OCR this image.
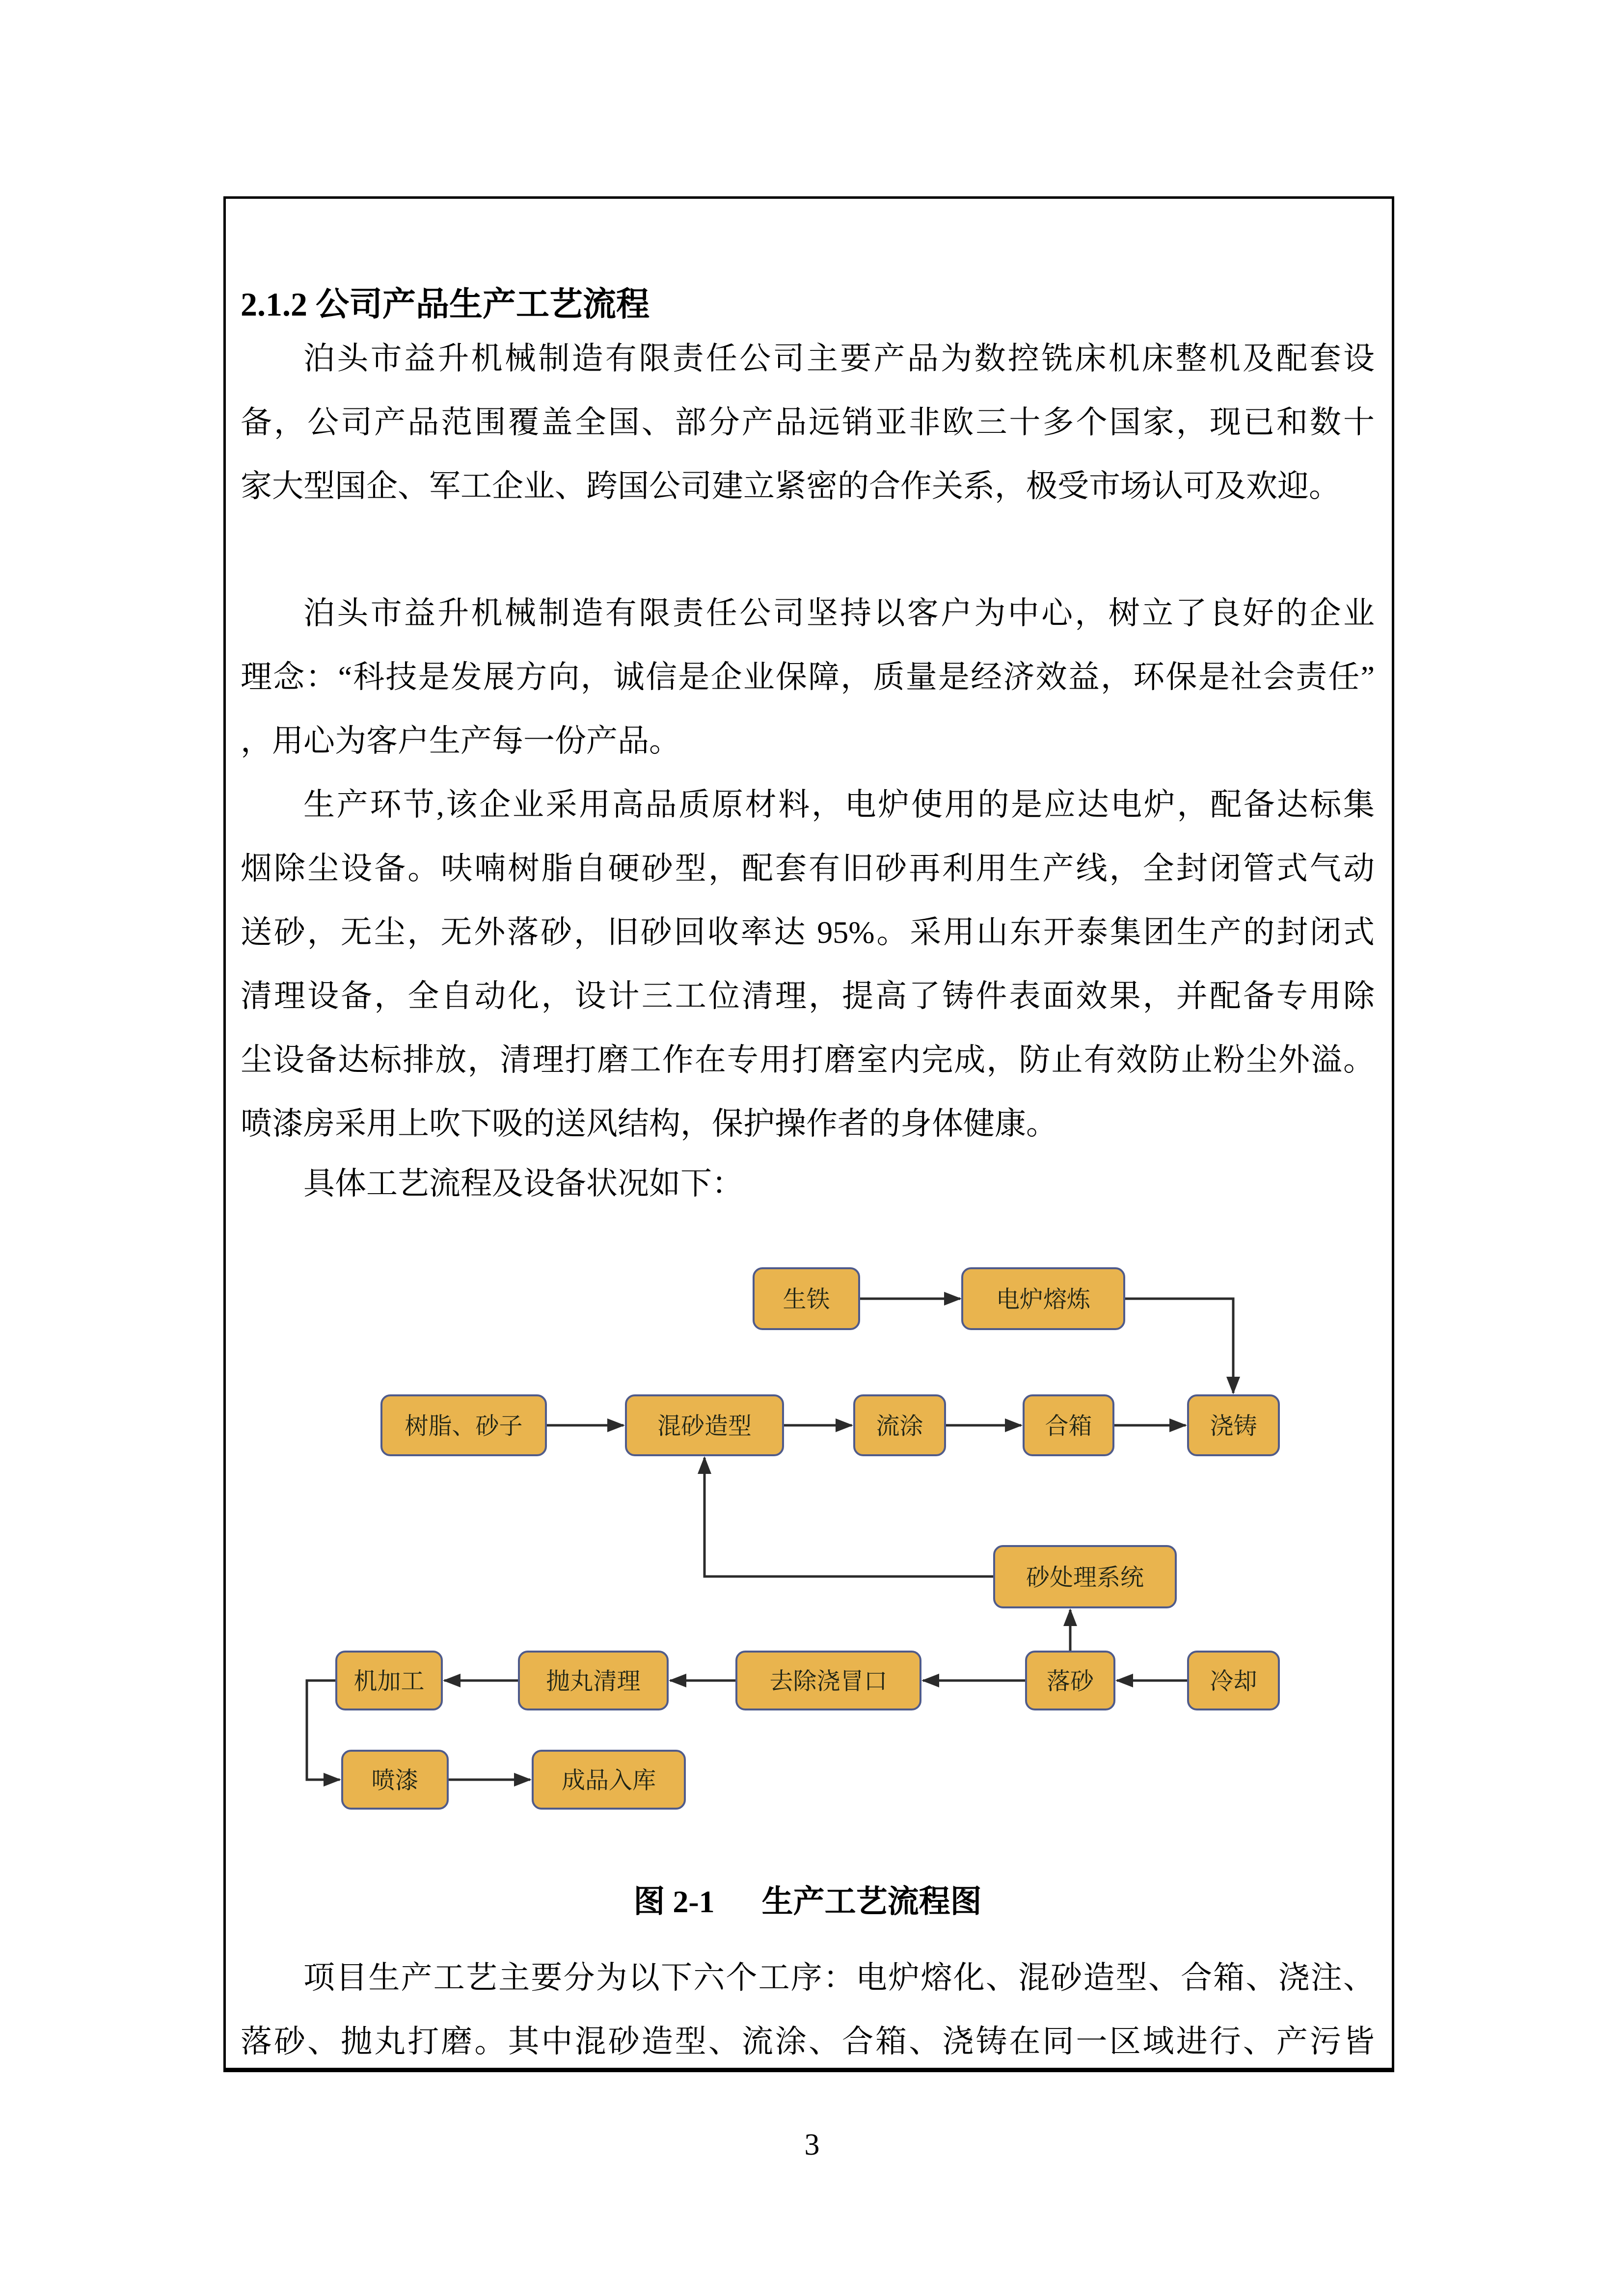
2.1.2 公司产品生产工艺流程
泊头市益升机械制造有限责任公司主要产品为数控铣床机床整机及配套设
备，公司产品范围覆盖全国、部分产品远销亚非欧三十多个国家，现已和数十
家大型国企、军工企业、跨国公司建立紧密的合作关系，极受市场认可及欢迎。
泊头市益升机械制造有限责任公司坚持以客户为中心，树立了良好的企业
理念：“科技是发展方向，诚信是企业保障，质量是经济效益，环保是社会责任”
，用心为客户生产每一份产品。
生产环节,该企业采用高品质原材料，电炉使用的是应达电炉，配备达标集
烟除尘设备。呋喃树脂自硬砂型，配套有旧砂再利用生产线，全封闭管式气动
送砂，无尘，无外落砂，旧砂回收率达 95%。采用山东开泰集团生产的封闭式
清理设备，全自动化，设计三工位清理，提高了铸件表面效果，并配备专用除
尘设备达标排放，清理打磨工作在专用打磨室内完成，防止有效防止粉尘外溢。
喷漆房采用上吹下吸的送风结构，保护操作者的身体健康。
具体工艺流程及设备状况如下：
生铁	电炉熔炼
树脂、砂子	混砂造型	流涂	合箱	浇铸
砂处理系统
机加工	抛丸清理	去除浇冒口	落砂	冷却
喷漆	成品入库
图 2-1 生产工艺流程图
项目生产工艺主要分为以下六个工序：电炉熔化、混砂造型、合箱、浇注、
落砂、抛丸打磨。其中混砂造型、流涂、合箱、浇铸在同一区域进行、产污皆
3
